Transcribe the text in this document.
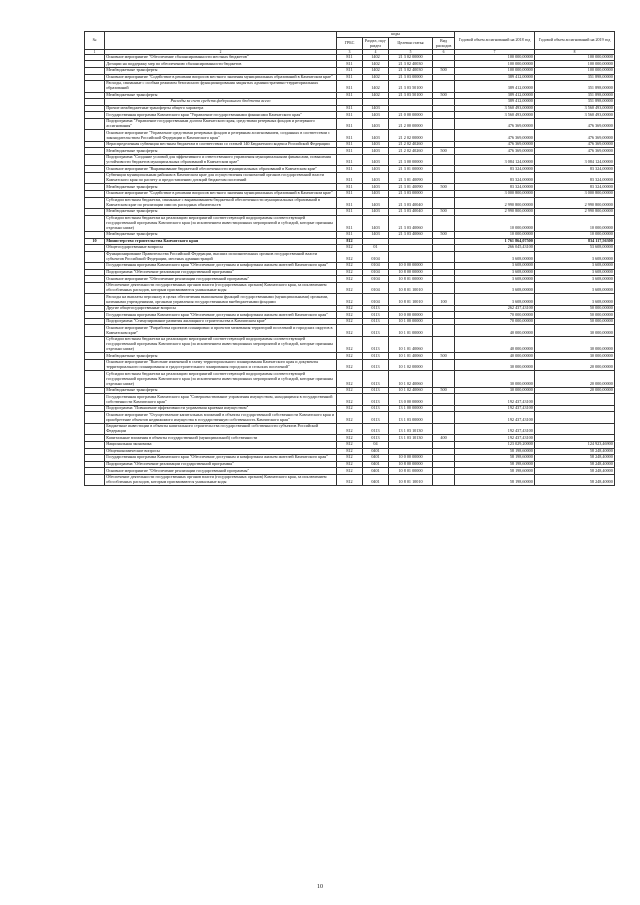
№		коды				Годовой объем ассигнований на 2018 год	Годовой объем ассигнований на 2019 год
		ГРБС	Раздел, под-раздел	Целевая статья	Вид расходов		
1	2	3	4	5	6	7	8
	Основное мероприятие "Обеспечение сбалансированности местных бюджетов"	811	1402	21 3 02 00000		100 000,00000	100 000,00000
	Дотации на поддержку мер по обеспечению сбалансированности бюджетов	811	1402	21 3 02 40030		100 000,00000	100 000,00000
	Межбюджетные трансферты	811	1402	21 3 02 40030	500	100 000,00000	100 000,00000
	Основное мероприятие "Содействие в решении вопросов местного значения муниципальных образований в Камчатском крае"	811	1402	21 3 03 00000		389 412,00000	351 898,00000
	Расходы, связанные с особым режимом безопасного функционирования закрытых административно-территориальных образований	811	1402	21 3 03 50100		389 412,00000	351 898,00000
	Межбюджетные трансферты	811	1402	21 3 03 50100	500	389 412,00000	351 898,00000
	Расходы за счет средств федерального бюджета всего					389 412,00000	351 898,00000
	Прочие межбюджетные трансферты общего характера	811	1403			3 560 493,00000	3 560 493,00000
	Государственная программа Камчатского края "Управление государственными финансами Камчатского края"	811	1403	21 0 00 00000		3 560 493,00000	3 560 493,00000
	Подпрограмма "Управление государственным долгом Камчатского края, средствами резервных фондов и резервного ассигнования"	811	1403	21 2 00 00000		476 369,00000	476 369,00000
	Основное мероприятие "Управление средствами резервных фондов и резервным ассигнованием, созданных в соответствии с законодательством Российской Федерации и Камчатского края"	811	1403	21 2 02 00000		476 369,00000	476 369,00000
	Нераспределенная субвенция местным бюджетам в соответствии со статьей 140 Бюджетного кодекса Российской Федерации	811	1403	21 2 02 40260		476 369,00000	476 369,00000
	Межбюджетные трансферты	811	1403	21 2 02 40260	500	476 369,00000	476 369,00000
	Подпрограмма "Создание условий для эффективного и ответственного управления муниципальными финансами, повышения устойчивости бюджетов муниципальных образований в Камчатском крае"	811	1403	21 3 00 00000		3 084 124,00000	3 084 124,00000
	Основное мероприятие "Выравнивание бюджетной обеспеченности муниципальных образований в Камчатском крае"	811	1403	21 3 01 00000		83 324,00000	83 324,00000
	Субвенции муниципальным районам в Камчатском крае для осуществления полномочий органов государственной власти Камчатского края по расчету и предоставлению дотаций бюджетам поселений	811	1403	21 3 01 40090		83 324,00000	83 324,00000
	Межбюджетные трансферты	811	1403	21 3 01 40090	500	83 324,00000	83 324,00000
	Основное мероприятие "Содействие в решении вопросов местного значения муниципальных образований в Камчатском крае"	811	1403	21 3 03 00000		3 000 800,00000	3 000 800,00000
	Субсидии местным бюджетам, связанные с выравниванием бюджетной обеспеченности муниципальных образований в Камчатском крае по реализации ими их расходных обязательств	811	1403	21 3 03 40040		2 990 800,00000	2 990 800,00000
	Межбюджетные трансферты	811	1403	21 3 03 40040	500	2 990 800,00000	2 990 800,00000
	Субсидии местным бюджетам на реализацию мероприятий соответствующей подпрограммы соответствующей государственной программы Камчатского края (за исключением инвестиционных мероприятий и субсидий, которые признаны отдельно ниже)	811	1403	21 3 03 40060		10 000,00000	10 000,00000
	Межбюджетные трансферты	811	1403	21 3 03 40060	500	10 000,00000	10 000,00000
10	Министерство строительства Камчатского края	812				1 761 864,07500	834 117,56300
	Общегосударственные вопросы	812	01			266 045,43100	53 608,00000
	Функционирование Правительства Российской Федерации, высших исполнительных органов государственной власти субъектов Российской Федерации, местных администраций	812	0104			3 608,00000	3 608,00000
	Государственная программа Камчатского края "Обеспечение доступным и комфортным жильем жителей Камчатского края"	812	0104	10 0 00 00000		3 608,00000	3 608,00000
	Подпрограмма "Обеспечение реализации государственной программы"	812	0104	10 8 00 00000		3 608,00000	3 608,00000
	Основное мероприятие "Обеспечение реализации государственной программы"	812	0104	10 8 01 00000		3 608,00000	3 608,00000
	Обеспечение деятельности государственных органов власти (государственных органов) Камчатского края, за исключением обособленных расходов, которым присваиваются уникальные коды	812	0104	10 8 01 10010		3 608,00000	3 608,00000
	Расходы на выплаты персоналу в целях обеспечения выполнения функций государственными (муниципальными) органами, казенными учреждениями, органами управления государственными внебюджетными фондами	812	0104	10 8 01 10010	100	3 608,00000	3 608,00000
	Другие общегосударственные вопросы	812	0113			262 437,43100	50 000,00000
	Государственная программа Камчатского края "Обеспечение доступным и комфортным жильем жителей Камчатского края"	812	0113	10 0 00 00000		70 000,00000	50 000,00000
	Подпрограмма "Стимулирование развития жилищного строительства в Камчатском крае"	812	0113	10 1 00 00000		70 000,00000	50 000,00000
	Основное мероприятие "Разработка проектов планировки и проектов межевания территорий поселений и городских округов в Камчатском крае"	812	0113	10 1 01 00000		40 000,00000	30 000,00000
	Субсидии местным бюджетам на реализацию мероприятий соответствующей подпрограммы соответствующей государственной программы Камчатского края (за исключением инвестиционных мероприятий и субсидий, которые признаны отдельно ниже)	812	0113	10 1 01 40060		40 000,00000	30 000,00000
	Межбюджетные трансферты	812	0113	10 1 01 40060	500	40 000,00000	30 000,00000
	Основное мероприятие "Внесение изменений в схему территориального планирования Камчатского края и документы территориального планирования и градостроительного зонирования городских и сельских поселений"	812	0113	10 1 02 00000		30 000,00000	20 000,00000
	Субсидии местным бюджетам на реализацию мероприятий соответствующей подпрограммы соответствующей государственной программы Камчатского края (за исключением инвестиционных мероприятий и субсидий, которые признаны отдельно ниже)	812	0113	10 1 02 40060		30 000,00000	20 000,00000
	Межбюджетные трансферты	812	0113	10 1 02 40060	500	30 000,00000	20 000,00000
	Государственная программа Камчатского края "Совершенствование управления имуществом, находящимся в государственной собственности Камчатского края"	812	0113	13 0 00 00000		192 437,43100	
	Подпрограмма "Повышение эффективности управления краевым имуществом"	812	0113	13 1 00 00000		192 437,43100	
	Основное мероприятие "Осуществление капитальных вложений в объекты государственной собственности Камчатского края и приобретение объектов недвижимого имущества в государственную собственность Камчатского края"	812	0113	13 1 03 00000		192 437,43100	
	Бюджетные инвестиции в объекты капитального строительства государственной собственности субъектов Российской Федерации	812	0113	13 1 03 10130		192 437,43100	
	Капитальные вложения в объекты государственной (муниципальной) собственности	812	0113	13 1 03 10130	400	192 437,43100	
	Национальная экономика	812	04			123 029,20000	124 923,46900
	Общеэкономические вопросы	812	0401			58 198,60000	58 248,40000
	Государственная программа Камчатского края "Обеспечение доступным и комфортным жильем жителей Камчатского края"	812	0401	10 0 00 00000		58 198,60000	58 248,40000
	Подпрограмма "Обеспечение реализации государственной программы"	812	0401	10 8 00 00000		58 198,60000	58 248,40000
	Основное мероприятие "Обеспечение реализации государственной программы"	812	0401	10 8 01 00000		58 198,60000	58 248,40000
	Обеспечение деятельности государственных органов власти (государственных органов) Камчатского края, за исключением обособленных расходов, которым присваиваются уникальные коды	812	0401	10 8 01 10010		58 198,60000	58 248,40000
10
